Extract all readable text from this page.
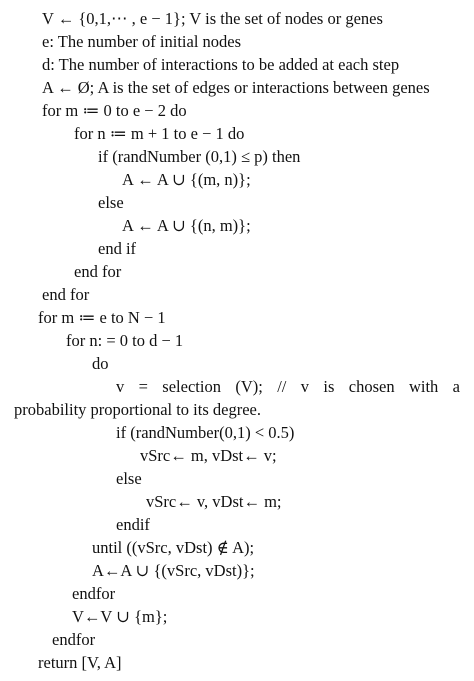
V ← {0,1,⋯ , e − 1}; V is the set of nodes or genes
e: The number of initial nodes
d: The number of interactions to be added at each step
A ← Ø; A is the set of edges or interactions between genes
for m ≔ 0 to e − 2 do
for n ≔ m + 1 to e − 1 do
if (randNumber (0,1) ≤ p) then
A ← A ∪ {(m, n)};
else
A ← A ∪ {(n, m)};
end if
end for
end for
for m ≔ e to N − 1
for n: = 0 to d − 1
do
v = selection (V); // v is chosen with a
probability proportional to its degree.
if (randNumber(0,1) < 0.5)
vSrc← m, vDst← v;
else
vSrc← v, vDst← m;
endif
until ((vSrc, vDst) ∉ A);
A←A ∪ {(vSrc, vDst)};
endfor
V←V ∪ {m};
endfor
return [V, A]
